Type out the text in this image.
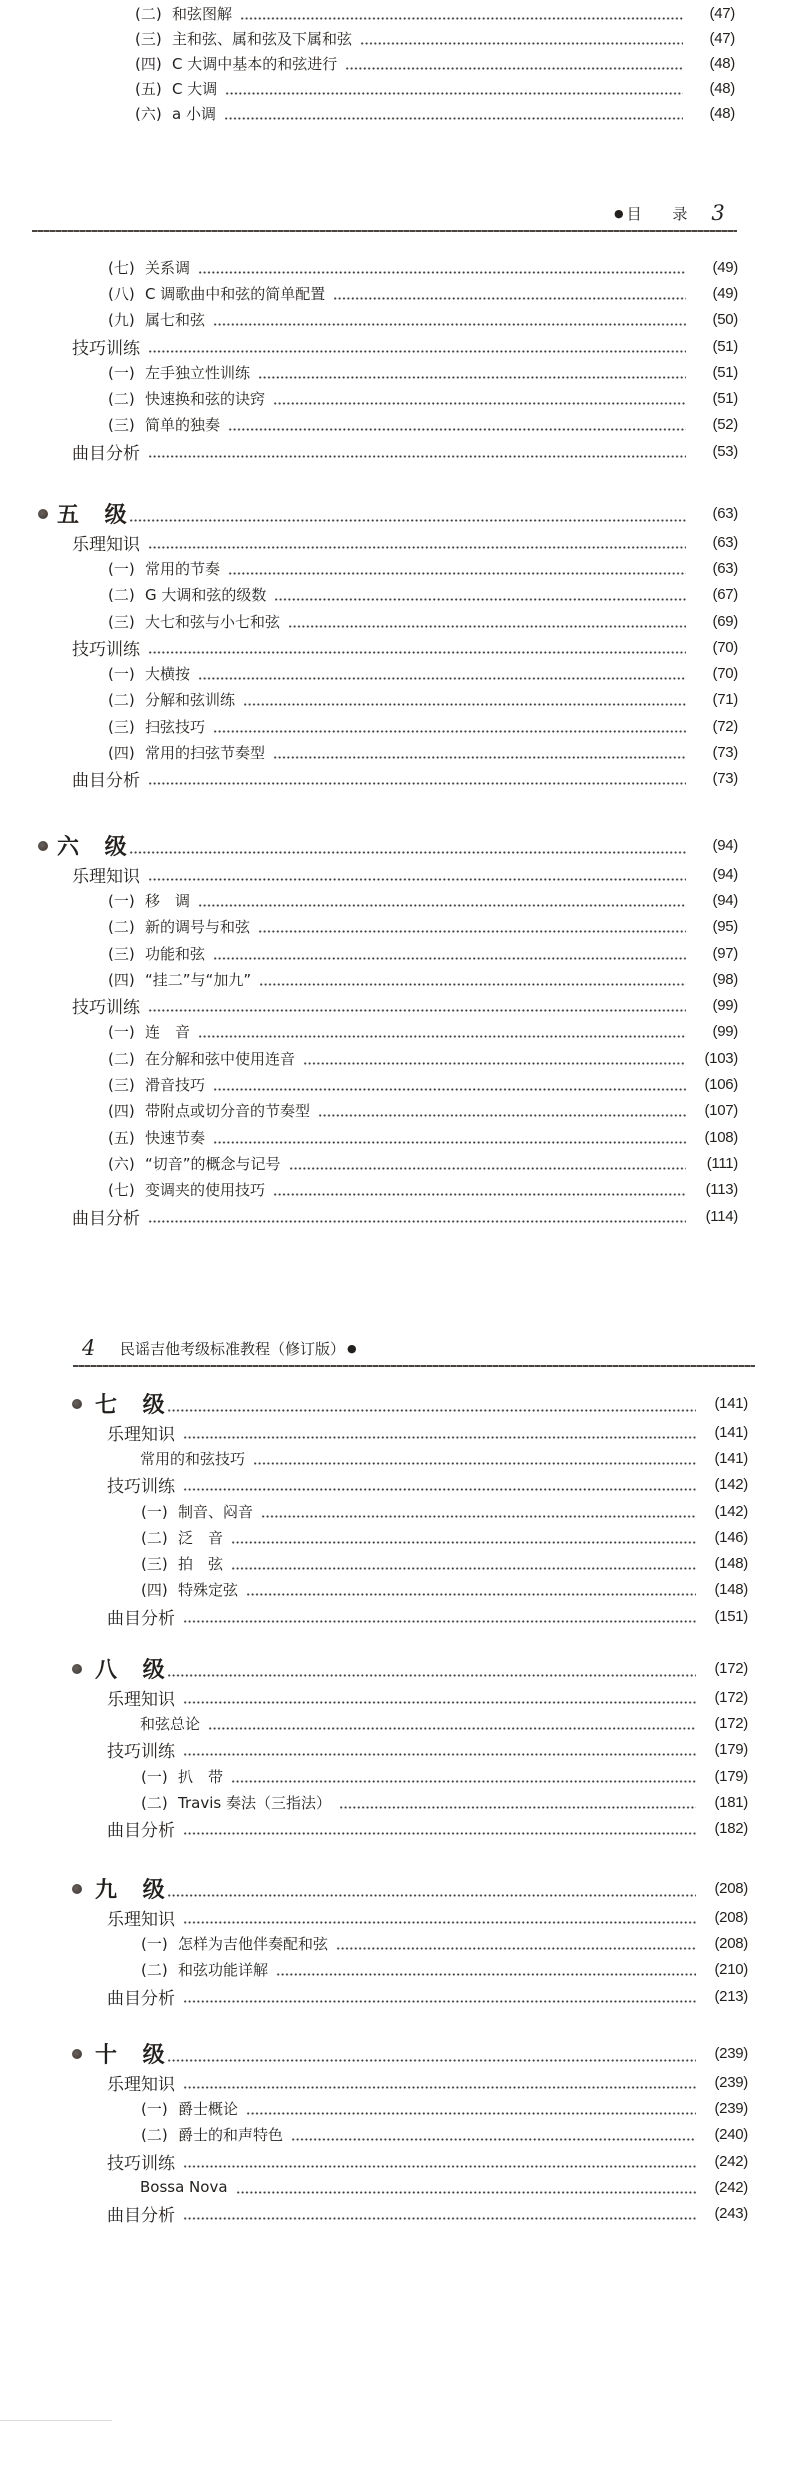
(二) 和弦图解	(47)
(三) 主和弦、属和弦及下属和弦	(47)
(四) C 大调中基本的和弦进行	(48)
(五) C 大调	(48)
(六) a 小调	(48)
● 目 录 3
(七) 关系调	(49)
(八) C 调歌曲中和弦的简单配置	(49)
(九) 属七和弦	(50)
技巧训练	(51)
(一) 左手独立性训练	(51)
(二) 快速换和弦的诀窍	(51)
(三) 简单的独奏	(52)
曲目分析	(53)
五 级	(63)
乐理知识	(63)
(一) 常用的节奏	(63)
(二) G 大调和弦的级数	(67)
(三) 大七和弦与小七和弦	(69)
技巧训练	(70)
(一) 大横按	(70)
(二) 分解和弦训练	(71)
(三) 扫弦技巧	(72)
(四) 常用的扫弦节奏型	(73)
曲目分析	(73)
六 级	(94)
乐理知识	(94)
(一) 移　调	(94)
(二) 新的调号与和弦	(95)
(三) 功能和弦	(97)
(四) “挂二”与“加九”	(98)
技巧训练	(99)
(一) 连　音	(99)
(二) 在分解和弦中使用连音	(103)
(三) 滑音技巧	(106)
(四) 带附点或切分音的节奏型	(107)
(五) 快速节奏	(108)
(六) “切音”的概念与记号	(111)
(七) 变调夹的使用技巧	(113)
曲目分析	(114)
4	民谣吉他考级标准教程（修订版） ●
七 级	(141)
乐理知识	(141)
常用的和弦技巧	(141)
技巧训练	(142)
(一) 制音、闷音	(142)
(二) 泛　音	(146)
(三) 拍　弦	(148)
(四) 特殊定弦	(148)
曲目分析	(151)
八 级	(172)
乐理知识	(172)
和弦总论	(172)
技巧训练	(179)
(一) 扒　带	(179)
(二) Travis 奏法（三指法）	(181)
曲目分析	(182)
九 级	(208)
乐理知识	(208)
(一) 怎样为吉他伴奏配和弦	(208)
(二) 和弦功能详解	(210)
曲目分析	(213)
十 级	(239)
乐理知识	(239)
(一) 爵士概论	(239)
(二) 爵士的和声特色	(240)
技巧训练	(242)
Bossa Nova	(242)
曲目分析	(243)
